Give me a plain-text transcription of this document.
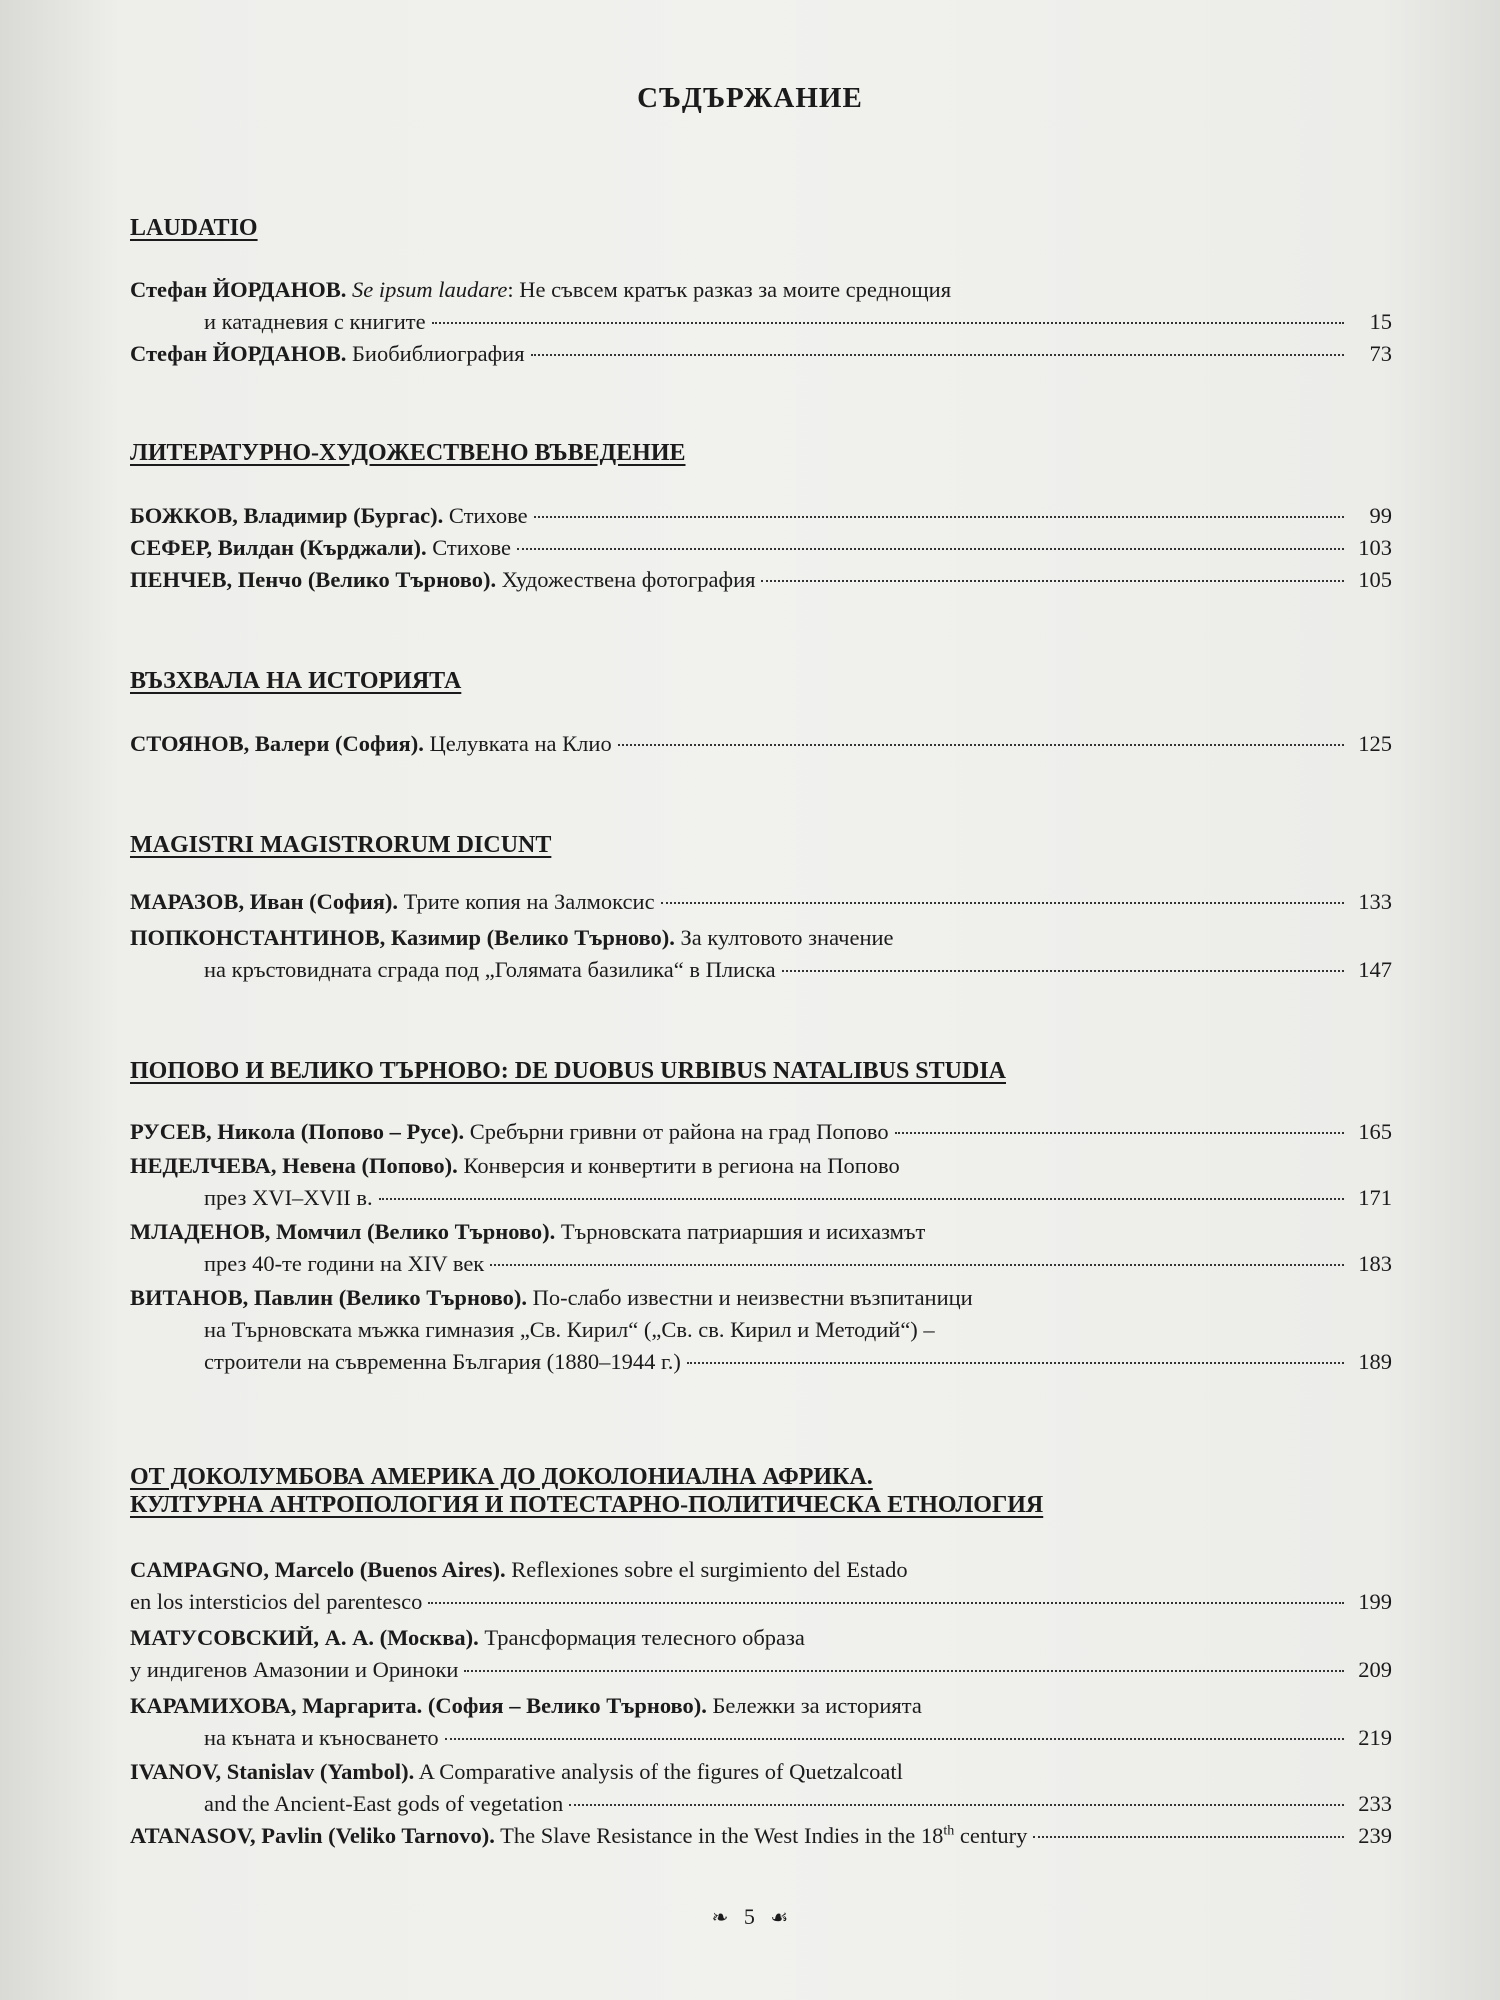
СЪДЪРЖАНИЕ
LAUDATIO
Стефан ЙОРДАНОВ. Se ipsum laudare: Не съвсем кратък разказ за моите среднощия
и катадневия с книгите	15
Стефан ЙОРДАНОВ. Биобиблиография	73
ЛИТЕРАТУРНО-ХУДОЖЕСТВЕНО ВЪВЕДЕНИЕ
БОЖКОВ, Владимир (Бургас). Стихове	99
СЕФЕР, Вилдан (Кърджали). Стихове	103
ПЕНЧЕВ, Пенчо (Велико Търново). Художествена фотография	105
ВЪЗХВАЛА НА ИСТОРИЯТА
СТОЯНОВ, Валери (София). Целувката на Клио	125
MAGISTRI MAGISTRORUM DICUNT
МАРАЗОВ, Иван (София). Трите копия на Залмоксис	133
ПОПКОНСТАНТИНОВ, Казимир (Велико Търново). За култовото значение
на кръстовидната сграда под „Голямата базилика“ в Плиска	147
ПОПОВО И ВЕЛИКО ТЪРНОВО: DE DUOBUS URBIBUS NATALIBUS STUDIA
РУСЕВ, Никола (Попово – Русе). Сребърни гривни от района на град Попово	165
НЕДЕЛЧЕВА, Невена (Попово). Конверсия и конвертити в региона на Попово
през XVI–XVII в.	171
МЛАДЕНОВ, Момчил (Велико Търново). Търновската патриаршия и исихазмът
през 40-те години на XIV век	183
ВИТАНОВ, Павлин (Велико Търново). По-слабо известни и неизвестни възпитаници
на Търновската мъжка гимназия „Св. Кирил“ („Св. св. Кирил и Методий“) –
строители на съвременна България (1880–1944 г.)	189
ОТ ДОКОЛУМБОВА АМЕРИКА ДО ДОКОЛОНИАЛНА АФРИКА.
КУЛТУРНА АНТРОПОЛОГИЯ И ПОТЕСТАРНО-ПОЛИТИЧЕСКА ЕТНОЛОГИЯ
CAMPAGNO, Marcelo (Buenos Aires). Reflexiones sobre el surgimiento del Estado
en los intersticios del parentesco	199
МАТУСОВСКИЙ, А. А. (Москва). Трансформация телесного образа
у индигенов Амазонии и Ориноки	209
КАРАМИХОВА, Маргарита. (София – Велико Търново). Бележки за историята
на къната и къносването	219
IVANOV, Stanislav (Yambol). A Comparative analysis of the figures of Quetzalcoatl
and the Ancient-East gods of vegetation	233
ATANASOV, Pavlin (Veliko Tarnovo). The Slave Resistance in the West Indies in the 18th century	239
❧ 5 ☙
